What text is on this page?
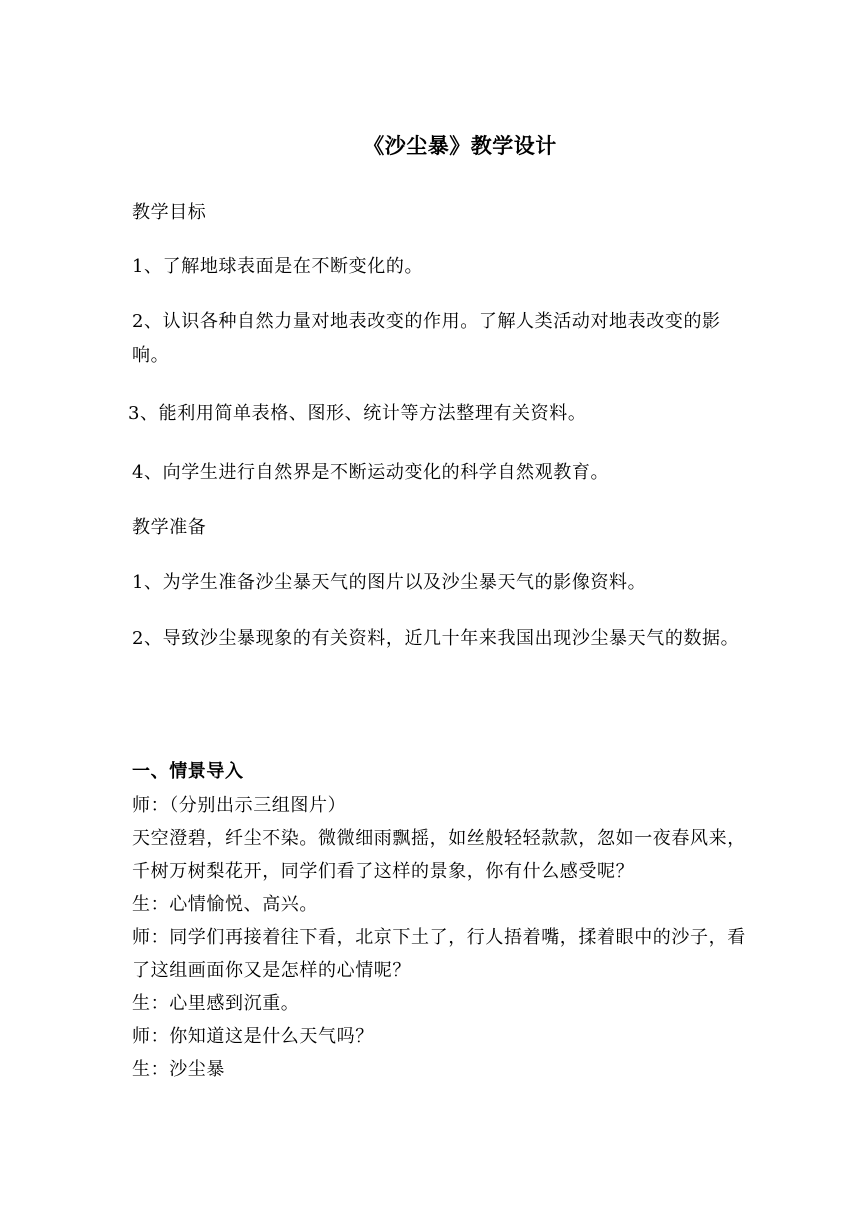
《沙尘暴》教学设计

教学目标

1、了解地球表面是在不断变化的。

2、认识各种自然力量对地表改变的作用。了解人类活动对地表改变的影响。

3、能利用简单表格、图形、统计等方法整理有关资料。

4、向学生进行自然界是不断运动变化的科学自然观教育。

教学准备

1、为学生准备沙尘暴天气的图片以及沙尘暴天气的影像资料。

2、导致沙尘暴现象的有关资料，近几十年来我国出现沙尘暴天气的数据。

一、情景导入

师：（分别出示三组图片）

天空澄碧，纤尘不染。微微细雨飘摇，如丝般轻轻款款，忽如一夜春风来，千树万树梨花开，同学们看了这样的景象，你有什么感受呢？

生：心情愉悦、高兴。

师：同学们再接着往下看，北京下土了，行人捂着嘴，揉着眼中的沙子，看了这组画面你又是怎样的心情呢？

生：心里感到沉重。

师：你知道这是什么天气吗？

生：沙尘暴
